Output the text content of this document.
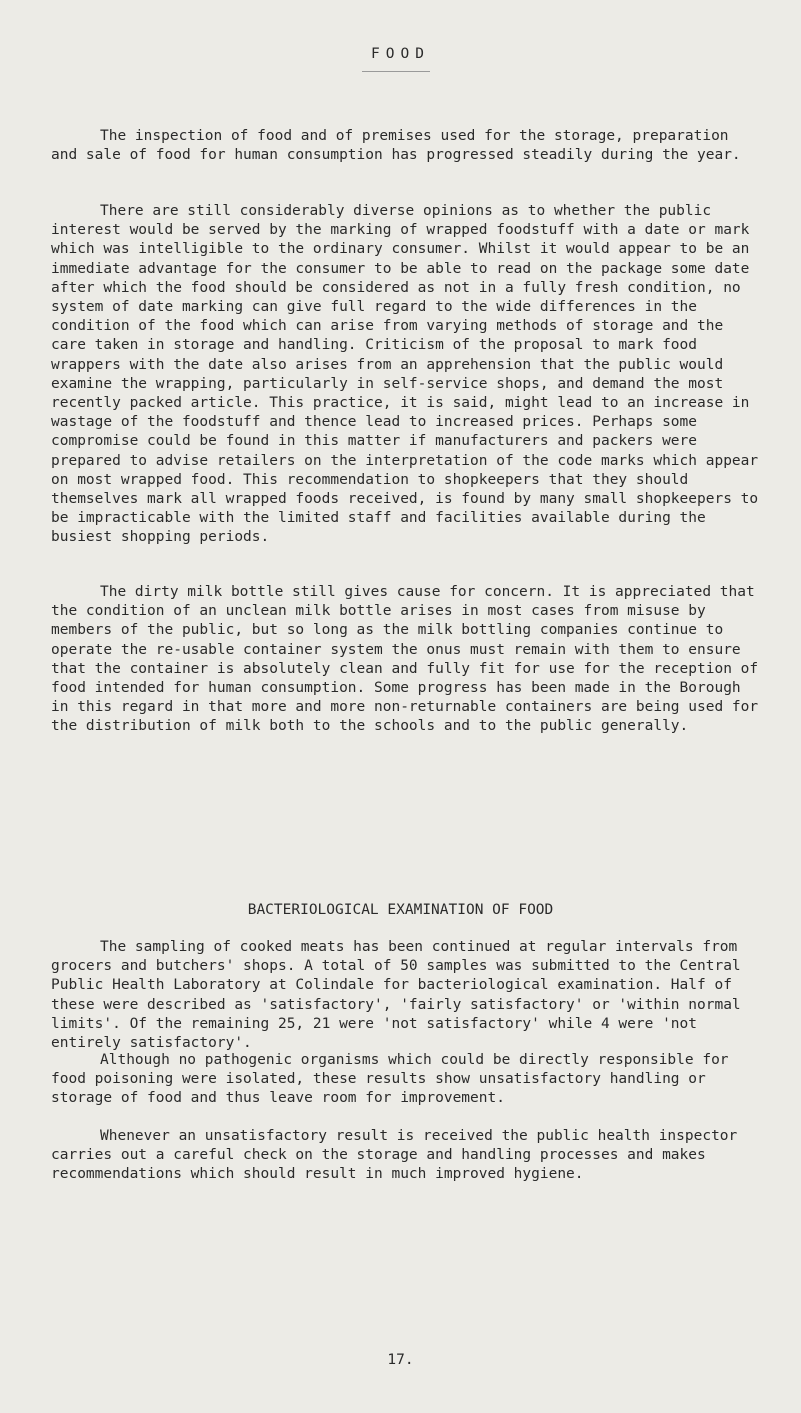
FOOD

The inspection of food and of premises used for the storage, preparation and sale of food for human consumption has progressed steadily during the year.

There are still considerably diverse opinions as to whether the public interest would be served by the marking of wrapped foodstuff with a date or mark which was intelligible to the ordinary consumer. Whilst it would appear to be an immediate advantage for the consumer to be able to read on the package some date after which the food should be considered as not in a fully fresh condition, no system of date marking can give full regard to the wide differences in the condition of the food which can arise from varying methods of storage and the care taken in storage and handling. Criticism of the proposal to mark food wrappers with the date also arises from an apprehension that the public would examine the wrapping, particularly in self-service shops, and demand the most recently packed article. This practice, it is said, might lead to an increase in wastage of the foodstuff and thence lead to increased prices. Perhaps some compromise could be found in this matter if manufacturers and packers were prepared to advise retailers on the interpretation of the code marks which appear on most wrapped food. This recommendation to shopkeepers that they should themselves mark all wrapped foods received, is found by many small shopkeepers to be impracticable with the limited staff and facilities available during the busiest shopping periods.

The dirty milk bottle still gives cause for concern. It is appreciated that the condition of an unclean milk bottle arises in most cases from misuse by members of the public, but so long as the milk bottling companies continue to operate the re-usable container system the onus must remain with them to ensure that the container is absolutely clean and fully fit for use for the reception of food intended for human consumption. Some progress has been made in the Borough in this regard in that more and more non-returnable containers are being used for the distribution of milk both to the schools and to the public generally.

BACTERIOLOGICAL EXAMINATION OF FOOD

The sampling of cooked meats has been continued at regular intervals from grocers and butchers' shops. A total of 50 samples was submitted to the Central Public Health Laboratory at Colindale for bacteriological examination. Half of these were described as 'satisfactory', 'fairly satisfactory' or 'within normal limits'. Of the remaining 25, 21 were 'not satisfactory' while 4 were 'not entirely satisfactory'.

Although no pathogenic organisms which could be directly responsible for food poisoning were isolated, these results show unsatisfactory handling or storage of food and thus leave room for improvement.

Whenever an unsatisfactory result is received the public health inspector carries out a careful check on the storage and handling processes and makes recommendations which should result in much improved hygiene.

17.
